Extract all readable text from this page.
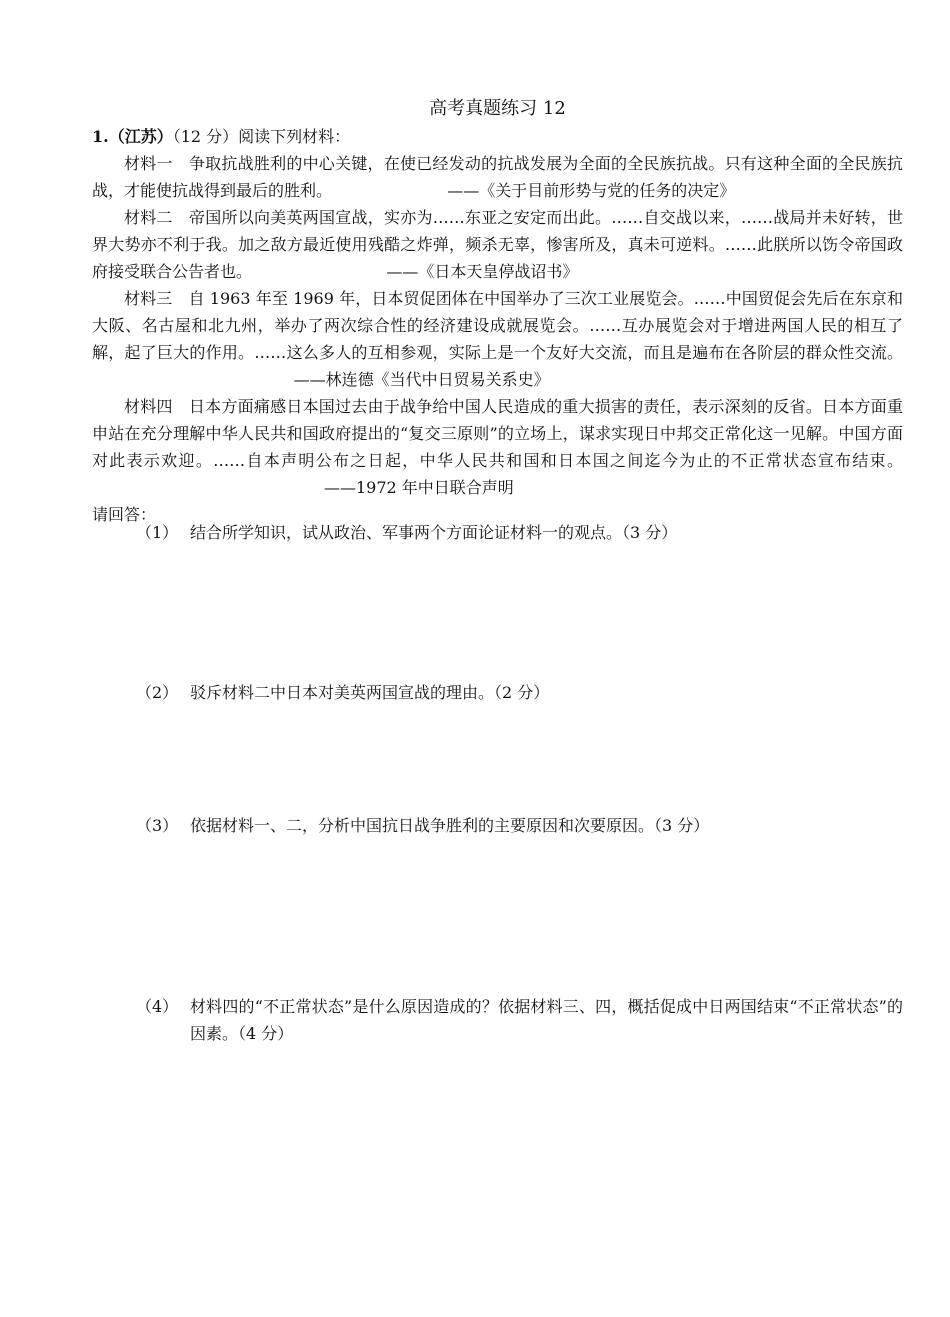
高考真题练习 12
1.（江苏）（12 分）阅读下列材料：

材料一　争取抗战胜利的中心关键，在使已经发动的抗战发展为全面的全民族抗战。只有这种全面的全民族抗战，才能使抗战得到最后的胜利。	——《关于目前形势与党的任务的决定》

材料二　帝国所以向美英两国宣战，实亦为……东亚之安定而出此。……自交战以来，……战局并未好转，世界大势亦不利于我。加之敌方最近使用残酷之炸弹，频杀无辜，惨害所及，真未可逆料。……此朕所以饬令帝国政府接受联合公告者也。	——《日本天皇停战诏书》

材料三　自 1963 年至 1969 年，日本贸促团体在中国举办了三次工业展览会。……中国贸促会先后在东京和大阪、名古屋和北九州，举办了两次综合性的经济建设成就展览会。……互办展览会对于增进两国人民的相互了解，起了巨大的作用。……这么多人的互相参观，实际上是一个友好大交流，而且是遍布在各阶层的群众性交流。——林连德《当代中日贸易关系史》

材料四　日本方面痛感日本国过去由于战争给中国人民造成的重大损害的责任，表示深刻的反省。日本方面重申站在充分理解中华人民共和国政府提出的“复交三原则”的立场上，谋求实现日中邦交正常化这一见解。中国方面对此表示欢迎。……自本声明公布之日起，中华人民共和国和日本国之间迄今为止的不正常状态宣布结束。——1972 年中日联合声明

请回答：

（1） 结合所学知识，试从政治、军事两个方面论证材料一的观点。（3 分）
（2） 驳斥材料二中日本对美英两国宣战的理由。（2 分）
（3） 依据材料一、二，分析中国抗日战争胜利的主要原因和次要原因。（3 分）
（4） 材料四的“不正常状态”是什么原因造成的？依据材料三、四，概括促成中日两国结束“不正常状态”的因素。（4 分）
